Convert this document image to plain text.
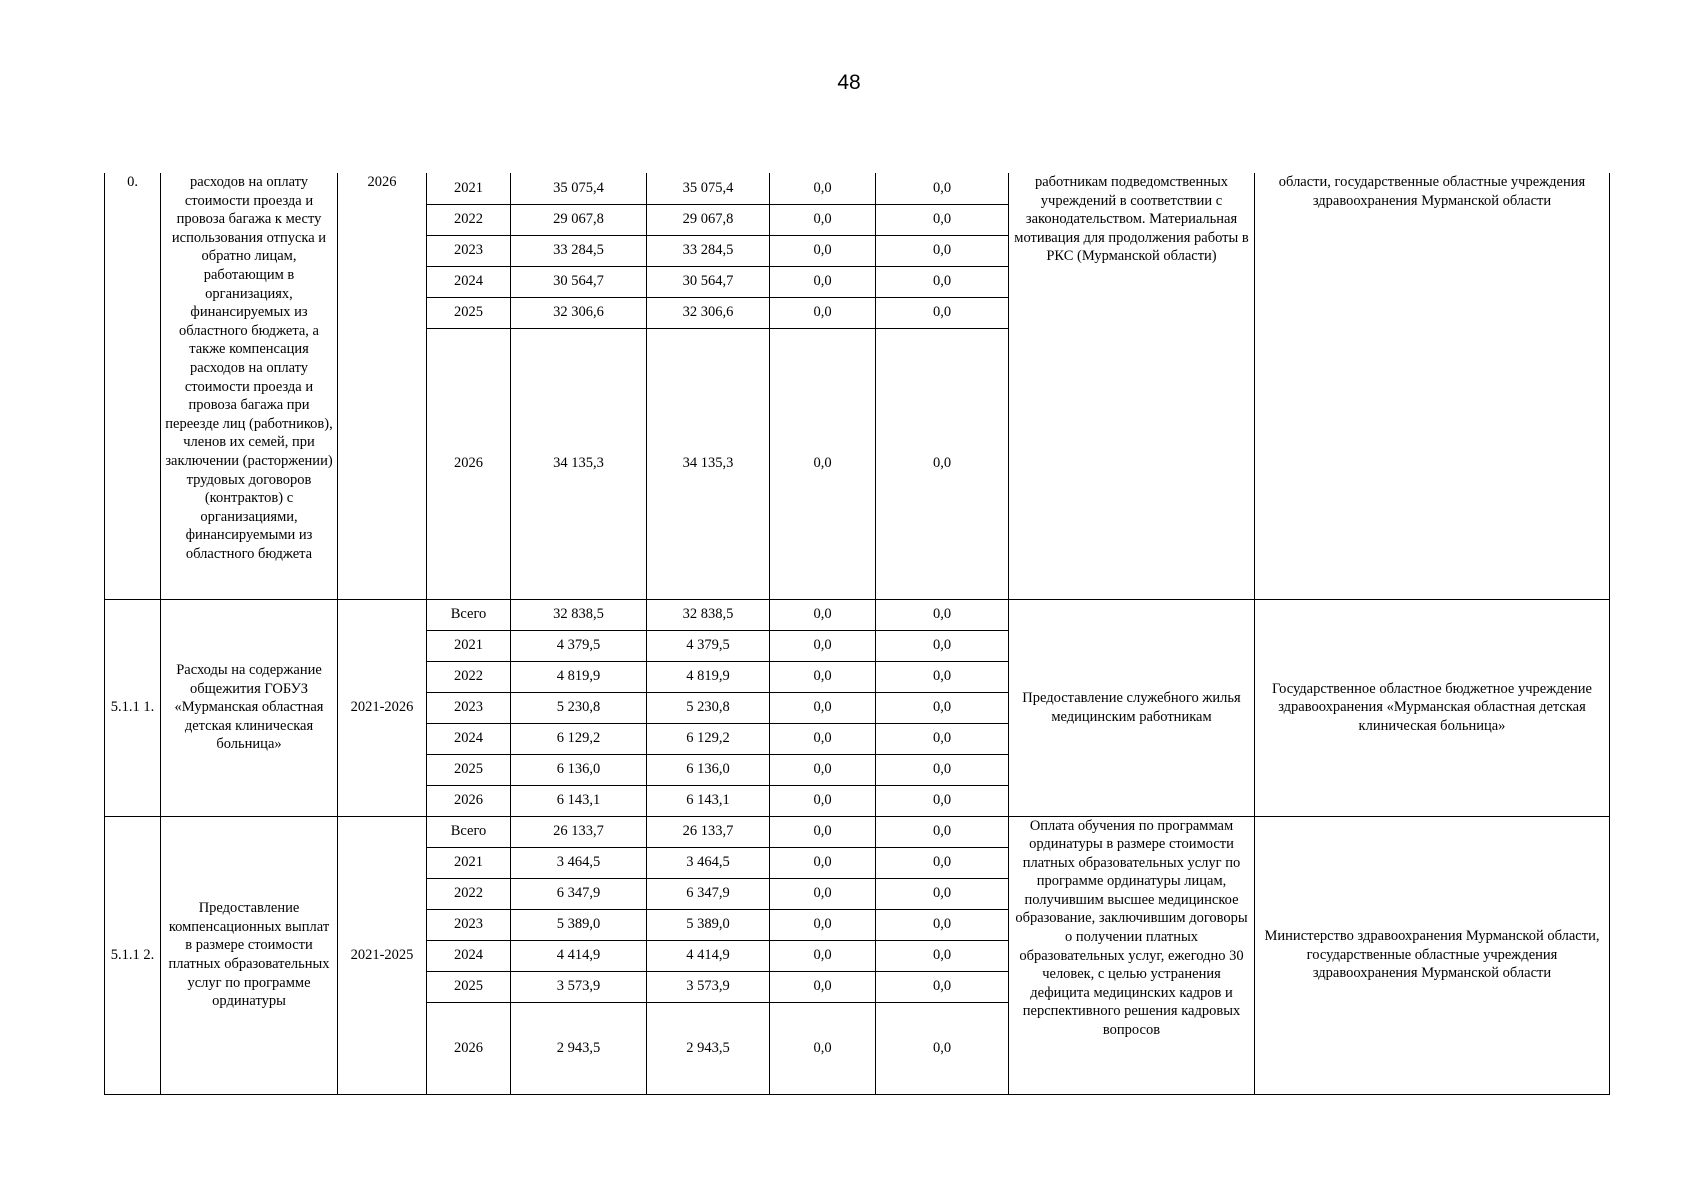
48
0.	расходов на оплату стоимости проезда и провоза багажа к месту использования отпуска и обратно лицам, работающим в организациях, финансируемых из областного бюджета, а также компенсация расходов на оплату стоимости проезда и провоза багажа при переезде лиц (работников), членов их семей, при заключении (расторжении) трудовых договоров (контрактов) с организациями, финансируемыми из областного бюджета	2026	2021	35 075,4	35 075,4	0,0	0,0	работникам подведомственных учреждений в соответствии с законодательством. Материальная мотивация для продолжения работы в РКС (Мурманской области)	области, государственные областные учреждения здравоохранения Мурманской области
			2022	29 067,8	29 067,8	0,0	0,0		
			2023	33 284,5	33 284,5	0,0	0,0		
			2024	30 564,7	30 564,7	0,0	0,0		
			2025	32 306,6	32 306,6	0,0	0,0		
			2026	34 135,3	34 135,3	0,0	0,0		
5.1.1 1.	Расходы на содержание общежития ГОБУЗ «Мурманская областная детская клиническая больница»	2021-2026	Всего	32 838,5	32 838,5	0,0	0,0	Предоставление служебного жилья медицинским работникам	Государственное областное бюджетное учреждение здравоохранения «Мурманская областная детская клиническая больница»
			2021	4 379,5	4 379,5	0,0	0,0		
			2022	4 819,9	4 819,9	0,0	0,0		
			2023	5 230,8	5 230,8	0,0	0,0		
			2024	6 129,2	6 129,2	0,0	0,0		
			2025	6 136,0	6 136,0	0,0	0,0		
			2026	6 143,1	6 143,1	0,0	0,0		
5.1.1 2.	Предоставление компенсационных выплат в размере стоимости платных образовательных услуг по программе ординатуры	2021-2025	Всего	26 133,7	26 133,7	0,0	0,0	Оплата обучения по программам ординатуры в размере стоимости платных образовательных услуг по программе ординатуры лицам, получившим высшее медицинское образование, заключившим договоры о получении платных образовательных услуг, ежегодно 30 человек, с целью устранения дефицита медицинских кадров и перспективного решения кадровых вопросов	Министерство здравоохранения Мурманской области, государственные областные учреждения здравоохранения Мурманской области
			2021	3 464,5	3 464,5	0,0	0,0		
			2022	6 347,9	6 347,9	0,0	0,0		
			2023	5 389,0	5 389,0	0,0	0,0		
			2024	4 414,9	4 414,9	0,0	0,0		
			2025	3 573,9	3 573,9	0,0	0,0		
			2026	2 943,5	2 943,5	0,0	0,0		
